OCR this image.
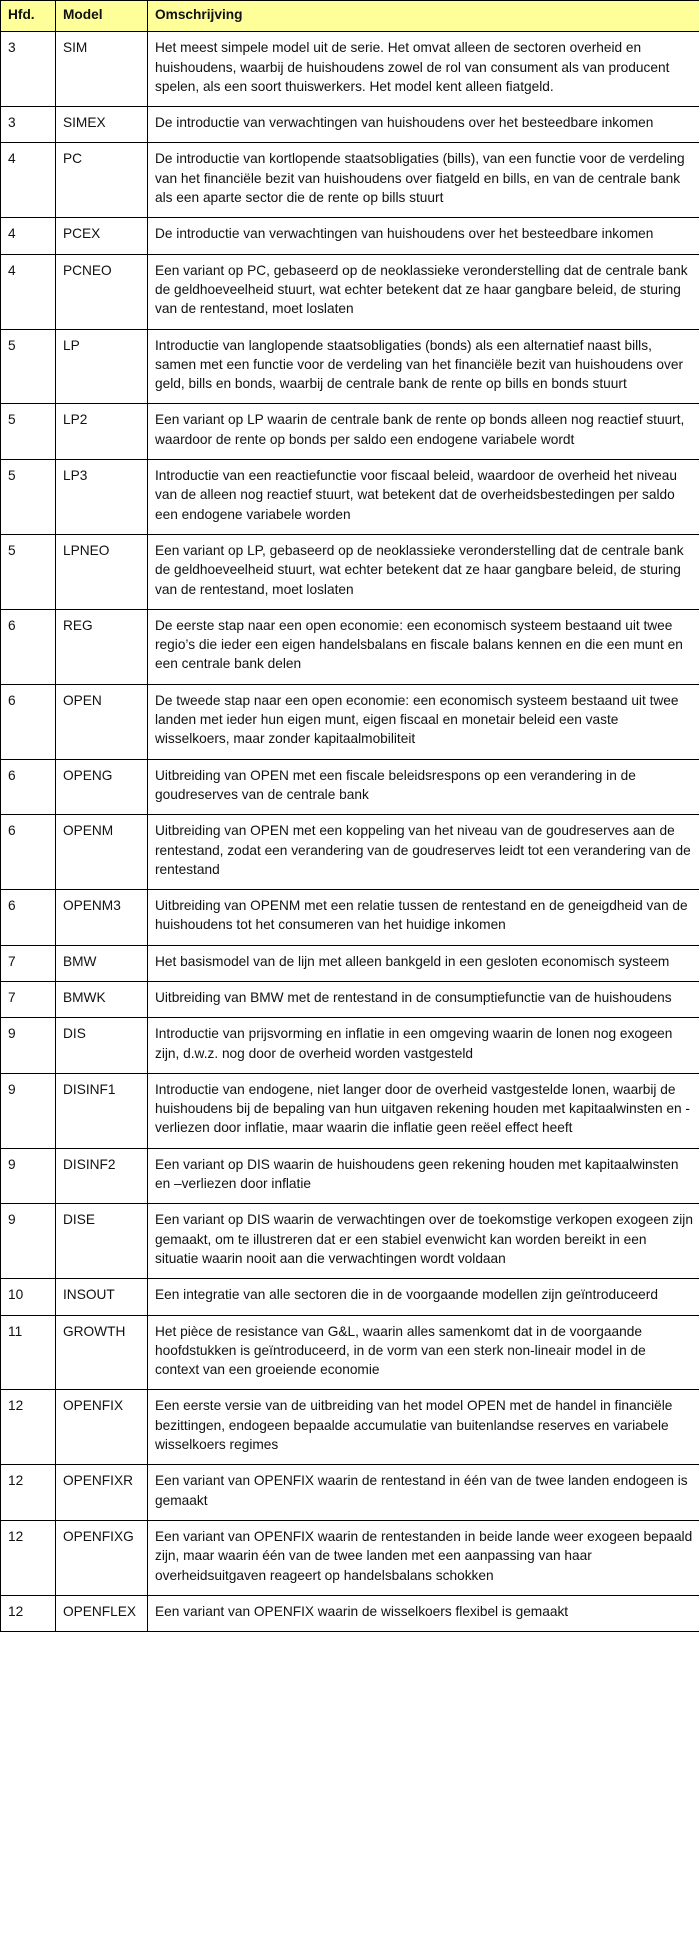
Hfd.	Model	Omschrijving
3	SIM	Het meest simpele model uit de serie. Het omvat alleen de sectoren overheid en huishoudens, waarbij de huishoudens zowel de rol van consument als van producent spelen, als een soort thuiswerkers. Het model kent alleen fiatgeld.
3	SIMEX	De introductie van verwachtingen van huishoudens over het besteedbare inkomen
4	PC	De introductie van kortlopende staatsobligaties (bills), van een functie voor de verdeling van het financiële bezit van huishoudens over fiatgeld en bills, en van de centrale bank als een aparte sector die de rente op bills stuurt
4	PCEX	De introductie van verwachtingen van huishoudens over het besteedbare inkomen
4	PCNEO	Een variant op PC, gebaseerd op de neoklassieke veronderstelling dat de centrale bank de geldhoeveelheid stuurt, wat echter betekent dat ze haar gangbare beleid, de sturing van de rentestand, moet loslaten
5	LP	Introductie van langlopende staatsobligaties (bonds) als een alternatief naast bills, samen met een functie voor de verdeling van het financiële bezit van huishoudens over geld, bills en bonds, waarbij de centrale bank de rente op bills en bonds stuurt
5	LP2	Een variant op LP waarin de centrale bank de rente op bonds alleen nog reactief stuurt, waardoor de rente op bonds per saldo een endogene variabele wordt
5	LP3	Introductie van een reactiefunctie voor fiscaal beleid, waardoor de overheid het niveau van de alleen nog reactief stuurt, wat betekent dat de overheidsbestedingen per saldo een endogene variabele worden
5	LPNEO	Een variant op LP, gebaseerd op de neoklassieke veronderstelling dat de centrale bank de geldhoeveelheid stuurt, wat echter betekent dat ze haar gangbare beleid, de sturing van de rentestand, moet loslaten
6	REG	De eerste stap naar een open economie: een economisch systeem bestaand uit twee regio’s die ieder een eigen handelsbalans en fiscale balans kennen en die een munt en een centrale bank delen
6	OPEN	De tweede stap naar een open economie: een economisch systeem bestaand uit twee landen met ieder hun eigen munt, eigen fiscaal en monetair beleid een vaste wisselkoers, maar zonder kapitaalmobiliteit
6	OPENG	Uitbreiding van OPEN met een fiscale beleidsrespons op een verandering in de goudreserves van de centrale bank
6	OPENM	Uitbreiding van OPEN met een koppeling van het niveau van de goudreserves aan de rentestand, zodat een verandering van de goudreserves leidt tot een verandering van de rentestand
6	OPENM3	Uitbreiding van OPENM met een relatie tussen de rentestand en de geneigdheid van de huishoudens tot het consumeren van het huidige inkomen
7	BMW	Het basismodel van de lijn met alleen bankgeld in een gesloten economisch systeem
7	BMWK	Uitbreiding van BMW met de rentestand in de consumptiefunctie van de huishoudens
9	DIS	Introductie van prijsvorming en inflatie in een omgeving waarin de lonen nog exogeen zijn, d.w.z. nog door de overheid worden vastgesteld
9	DISINF1	Introductie van endogene, niet langer door de overheid vastgestelde lonen, waarbij de huishoudens bij de bepaling van hun uitgaven rekening houden met kapitaalwinsten en -verliezen door inflatie, maar waarin die inflatie geen reëel effect heeft
9	DISINF2	Een variant op DIS waarin de huishoudens geen rekening houden met kapitaalwinsten en –verliezen door inflatie
9	DISE	Een variant op DIS waarin de verwachtingen over de toekomstige verkopen exogeen zijn gemaakt, om te illustreren dat er een stabiel evenwicht kan worden bereikt in een situatie waarin nooit aan die verwachtingen wordt voldaan
10	INSOUT	Een integratie van alle sectoren die in de voorgaande modellen zijn geïntroduceerd
11	GROWTH	Het pièce de resistance van G&L, waarin alles samenkomt dat in de voorgaande hoofdstukken is geïntroduceerd, in de vorm van een sterk non-lineair model in de context van een groeiende economie
12	OPENFIX	Een eerste versie van de uitbreiding van het model OPEN met de handel in financiële bezittingen, endogeen bepaalde accumulatie van buitenlandse reserves en variabele wisselkoers regimes
12	OPENFIXR	Een variant van OPENFIX waarin de rentestand in één van de twee landen endogeen is gemaakt
12	OPENFIXG	Een variant van OPENFIX waarin de rentestanden in beide lande weer exogeen bepaald zijn, maar waarin één van de twee landen met een aanpassing van haar overheidsuitgaven reageert op handelsbalans schokken
12	OPENFLEX	Een variant van OPENFIX waarin de wisselkoers flexibel is gemaakt
